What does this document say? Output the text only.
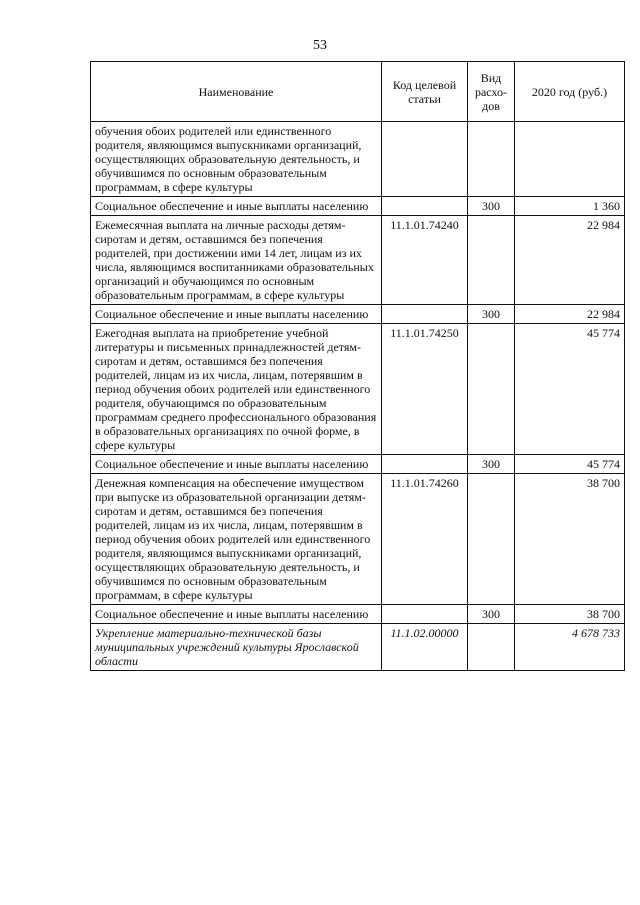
53
Наименование	Код целевой статьи	Вид расхо-дов	2020 год (руб.)
обучения обоих родителей или единственного родителя, являющимся выпускниками организаций, осуществляющих образовательную деятельность, и обучившимся по основным образовательным программам, в сфере культуры			
Социальное обеспечение и иные выплаты населению		300	1 360
Ежемесячная выплата на личные расходы детям-сиротам и детям, оставшимся без попечения родителей, при достижении ими 14 лет, лицам из их числа, являющимся воспитанниками образовательных организаций и обучающимся по основным образовательным программам, в сфере культуры	11.1.01.74240		22 984
Социальное обеспечение и иные выплаты населению		300	22 984
Ежегодная выплата на приобретение учебной литературы и письменных принадлежностей детям-сиротам и детям, оставшимся без попечения родителей, лицам из их числа, лицам, потерявшим в период обучения обоих родителей или единственного родителя, обучающимся по образовательным программам среднего профессионального образования в образовательных организациях по очной форме, в сфере культуры	11.1.01.74250		45 774
Социальное обеспечение и иные выплаты населению		300	45 774
Денежная компенсация на обеспечение имуществом при выпуске из образовательной организации детям-сиротам и детям, оставшимся без попечения родителей, лицам из их числа, лицам, потерявшим в период обучения обоих родителей или единственного родителя, являющимся выпускниками организаций, осуществляющих образовательную деятельность, и обучившимся по основным образовательным программам, в сфере культуры	11.1.01.74260		38 700
Социальное обеспечение и иные выплаты населению		300	38 700
Укрепление материально-технической базы муниципальных учреждений культуры Ярославской области	11.1.02.00000		4 678 733
